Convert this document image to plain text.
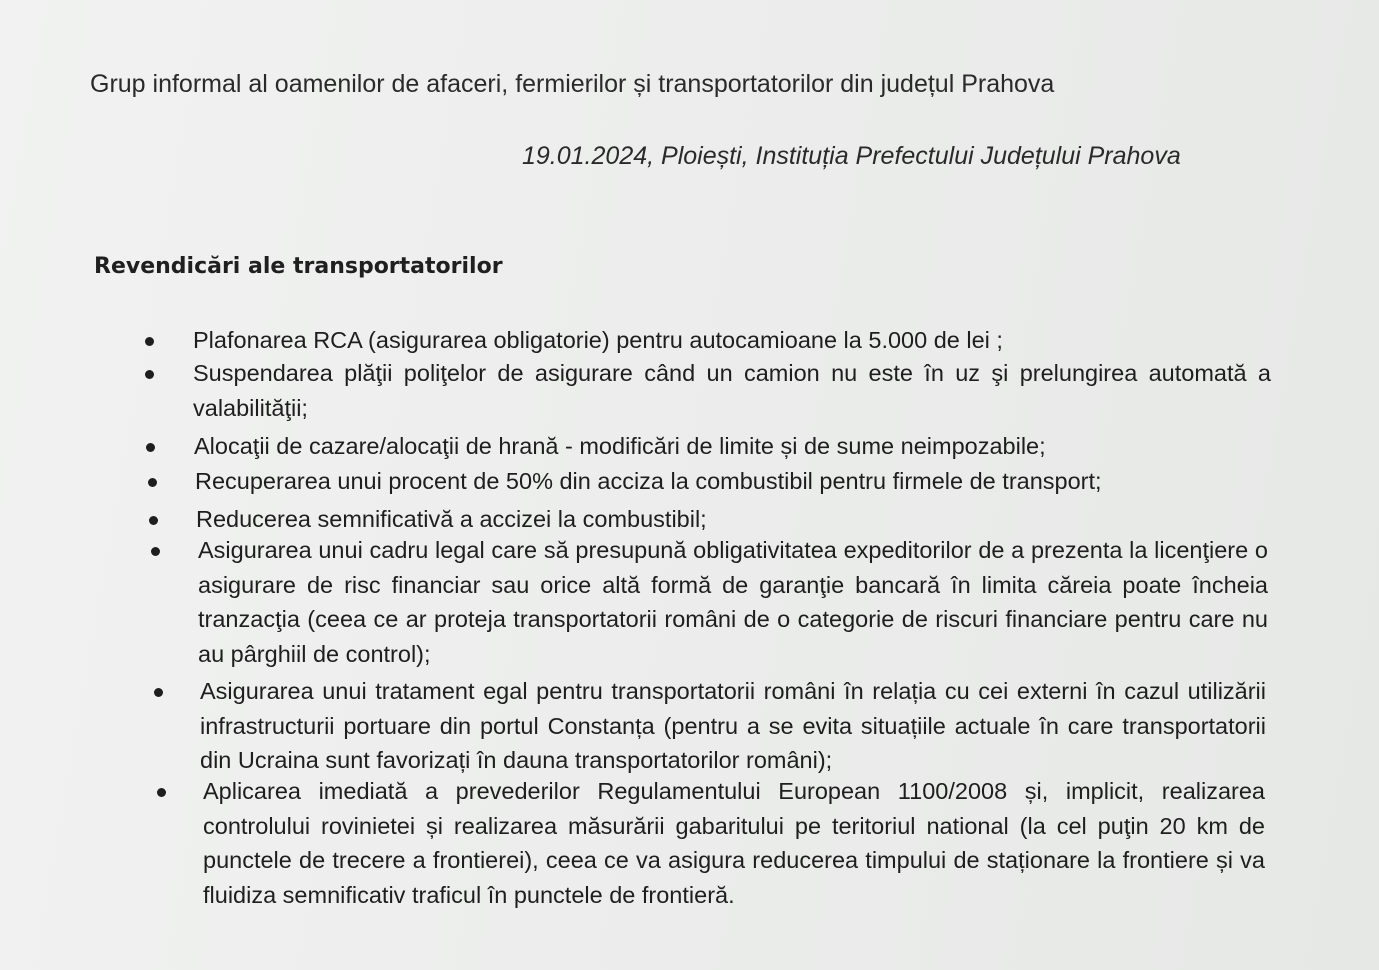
Grup informal al oamenilor de afaceri, fermierilor și transportatorilor din județul Prahova
19.01.2024, Ploiești, Instituția Prefectului Județului Prahova
Revendicări ale transportatorilor
Plafonarea RCA (asigurarea obligatorie) pentru autocamioane la 5.000 de lei ;
Suspendarea plăţii poliţelor de asigurare când un camion nu este în uz şi prelungirea automată a valabilităţii;
Alocaţii de cazare/alocaţii de hrană - modificări de limite și de sume neimpozabile;
Recuperarea unui procent de 50% din acciza la combustibil pentru firmele de transport;
Reducerea semnificativă a accizei la combustibil;
Asigurarea unui cadru legal care să presupună obligativitatea expeditorilor de a prezenta la licenţiere o asigurare de risc financiar sau orice altă formă de garanţie bancară în limita căreia poate încheia tranzacţia (ceea ce ar proteja transportatorii români de o categorie de riscuri financiare pentru care nu au pârghiil de control);
Asigurarea unui tratament egal pentru transportatorii români în relația cu cei externi în cazul utilizării infrastructurii portuare din portul Constanța (pentru a se evita situațiile actuale în care transportatorii din Ucraina sunt favorizați în dauna transportatorilor români);
Aplicarea imediată a prevederilor Regulamentului European 1100/2008 și, implicit, realizarea controlului rovinietei și realizarea măsurării gabaritului pe teritoriul national (la cel puţin 20 km de punctele de trecere a frontierei), ceea ce va asigura reducerea timpului de staționare la frontiere și va fluidiza semnificativ traficul în punctele de frontieră.
